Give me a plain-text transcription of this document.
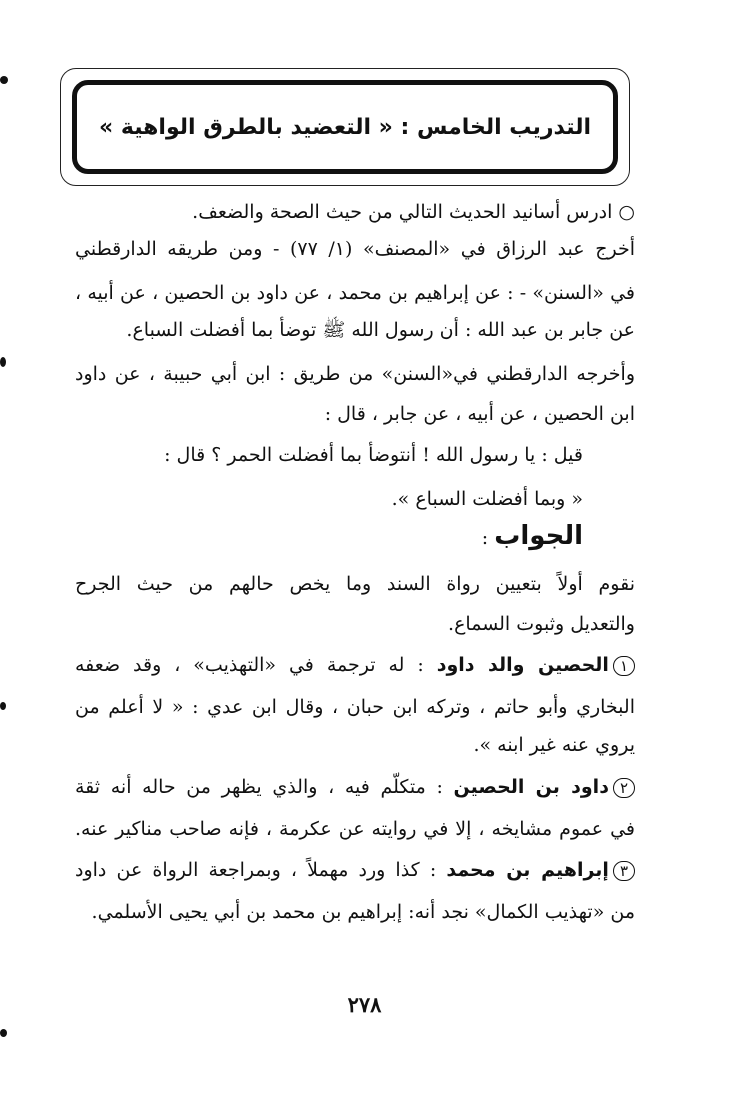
التدريب الخامس : « التعضيد بالطرق الواهية »
○ ادرس أسانيد الحديث التالي من حيث الصحة والضعف.
أخرج عبد الرزاق في «المصنف» (١/ ٧٧) - ومن طريقه الدارقطني
في «السنن» - : عن إبراهيم بن محمد ، عن داود بن الحصين ، عن أبيه ،
عن جابر بن عبد الله : أن رسول الله ﷺ توضأ بما أفضلت السباع.
وأخرجه الدارقطني في«السنن» من طريق : ابن أبي حبيبة ، عن داود
ابن الحصين ، عن أبيه ، عن جابر ، قال :
قيل : يا رسول الله ! أنتوضأ بما أفضلت الحمر ؟ قال :
« وبما أفضلت السباع ».
الجواب :
نقوم أولاً بتعيين رواة السند وما يخص حالهم من حيث الجرح
والتعديل وثبوت السماع.
١الحصين والد داود : له ترجمة في «التهذيب» ، وقد ضعفه
البخاري وأبو حاتم ، وتركه ابن حبان ، وقال ابن عدي : « لا أعلم من
يروي عنه غير ابنه ».
٢داود بن الحصين : متكلّم فيه ، والذي يظهر من حاله أنه ثقة
في عموم مشايخه ، إلا في روايته عن عكرمة ، فإنه صاحب مناكير عنه.
٣إبراهيم بن محمد : كذا ورد مهملاً ، وبمراجعة الرواة عن داود
من «تهذيب الكمال» نجد أنه: إبراهيم بن محمد بن أبي يحيى الأسلمي.
٢٧٨
